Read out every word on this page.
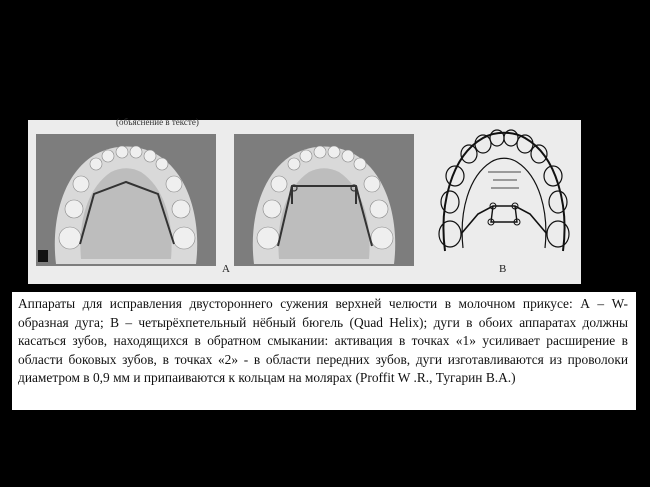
(объяснение в тексте)
А	В

Аппараты для исправления двустороннего сужения верхней челюсти в молочном прикусе: А – W-образная дуга; В – четырёхпетельный нёбный бюгель (Quad Helix); дуги в обоих аппаратах должны касаться зубов, находящихся в обратном смыкании: активация в точках «1» усиливает расширение в области боковых зубов, в точках «2» - в области передних зубов, дуги изготавливаются из проволоки диаметром в 0,9 мм и припаиваются к кольцам на молярах (Proffit W .R., Тугарин В.А.)
